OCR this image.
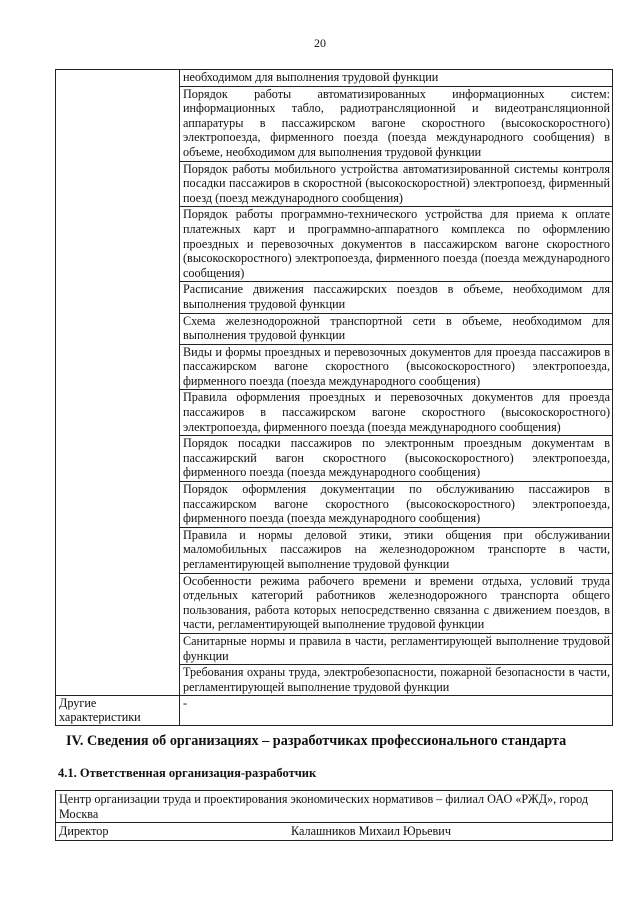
20
	необходимом для выполнения трудовой функции
	Порядок работы автоматизированных информационных систем: информационных табло, радиотрансляционной и видеотрансляционной аппаратуры в пассажирском вагоне скоростного (высокоскоростного) электропоезда, фирменного поезда (поезда международного сообщения) в объеме, необходимом для выполнения трудовой функции
	Порядок работы мобильного устройства автоматизированной системы контроля посадки пассажиров в скоростной (высокоскоростной) электропоезд, фирменный поезд (поезд международного сообщения)
	Порядок работы программно-технического устройства для приема к оплате платежных карт и программно-аппаратного комплекса по оформлению проездных и перевозочных документов в пассажирском вагоне скоростного (высокоскоростного) электропоезда, фирменного поезда (поезда международного сообщения)
	Расписание движения пассажирских поездов в объеме, необходимом для выполнения трудовой функции
	Схема железнодорожной транспортной сети в объеме, необходимом для выполнения трудовой функции
	Виды и формы проездных и перевозочных документов для проезда пассажиров в пассажирском вагоне скоростного (высокоскоростного) электропоезда, фирменного поезда (поезда международного сообщения)
	Правила оформления проездных и перевозочных документов для проезда пассажиров в пассажирском вагоне скоростного (высокоскоростного) электропоезда, фирменного поезда (поезда международного сообщения)
	Порядок посадки пассажиров по электронным проездным документам в пассажирский вагон скоростного (высокоскоростного) электропоезда, фирменного поезда (поезда международного сообщения)
	Порядок оформления документации по обслуживанию пассажиров в пассажирском вагоне скоростного (высокоскоростного) электропоезда, фирменного поезда (поезда международного сообщения)
	Правила и нормы деловой этики, этики общения при обслуживании маломобильных пассажиров на железнодорожном транспорте в части, регламентирующей выполнение трудовой функции
	Особенности режима рабочего времени и времени отдыха, условий труда отдельных категорий работников железнодорожного транспорта общего пользования, работа которых непосредственно связанна с движением поездов, в части, регламентирующей выполнение трудовой функции
	Санитарные нормы и правила в части, регламентирующей выполнение трудовой функции
	Требования охраны труда, электробезопасности, пожарной безопасности в части, регламентирующей выполнение трудовой функции
Другие характеристики	-
IV. Сведения об организациях – разработчиках профессионального стандарта
4.1. Ответственная организация-разработчик
Центр организации труда и проектирования экономических нормативов – филиал ОАО «РЖД», город Москва
Директор	Калашников Михаил Юрьевич
